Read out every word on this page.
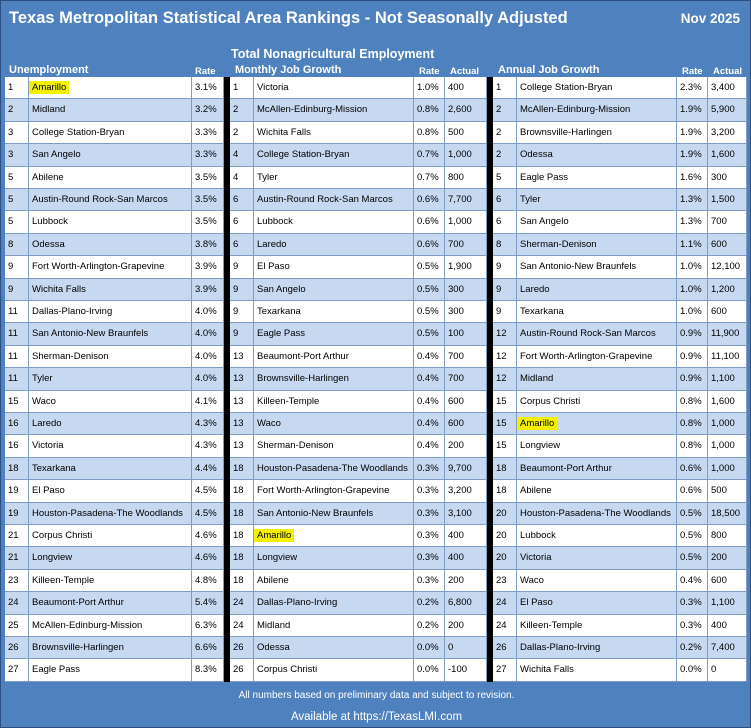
Texas Metropolitan Statistical Area Rankings - Not Seasonally Adjusted	Nov 2025
Total Nonagricultural Employment
Unemployment	Rate Monthly Job Growth	Rate Actual Annual Job Growth	Rate Actual
1	Amarillo	3.1%	1	Victoria	1.0% 400	1	College Station-Bryan	2.3% 3,400
2	Midland	3.2%	2	McAllen-Edinburg-Mission	0.8% 2,600	2	McAllen-Edinburg-Mission	1.9% 5,900
3	College Station-Bryan	3.3%	2	Wichita Falls	0.8% 500	2	Brownsville-Harlingen	1.9% 3,200
3	San Angelo	3.3%	4	College Station-Bryan	0.7% 1,000	2	Odessa	1.9% 1,600
5	Abilene	3.5%	4	Tyler	0.7% 800	5	Eagle Pass	1.6% 300
5	Austin-Round Rock-San Marcos	3.5%	6	Austin-Round Rock-San Marcos	0.6% 7,700	6	Tyler	1.3% 1,500
5	Lubbock	3.5%	6	Lubbock	0.6% 1,000	6	San Angelo	1.3% 700
8	Odessa	3.8%	6	Laredo	0.6% 700	8	Sherman-Denison	1.1% 600
9	Fort Worth-Arlington-Grapevine	3.9%	9	El Paso	0.5% 1,900	9	San Antonio-New Braunfels	1.0% 12,100
9	Wichita Falls	3.9%	9	San Angelo	0.5% 300	9	Laredo	1.0% 1,200
11	Dallas-Plano-Irving	4.0%	9	Texarkana	0.5% 300	9	Texarkana	1.0% 600
11	San Antonio-New Braunfels	4.0%	9	Eagle Pass	0.5% 100	12	Austin-Round Rock-San Marcos	0.9% 11,900
11	Sherman-Denison	4.0%	13	Beaumont-Port Arthur	0.4% 700	12	Fort Worth-Arlington-Grapevine	0.9% 11,100
11	Tyler	4.0%	13	Brownsville-Harlingen	0.4% 700	12	Midland	0.9% 1,100
15	Waco	4.1%	13	Killeen-Temple	0.4% 600	15	Corpus Christi	0.8% 1,600
16	Laredo	4.3%	13	Waco	0.4% 600	15	Amarillo	0.8% 1,000
16	Victoria	4.3%	13	Sherman-Denison	0.4% 200	15	Longview	0.8% 1,000
18	Texarkana	4.4%	18	Houston-Pasadena-The Woodlands 0.3% 9,700	18	Beaumont-Port Arthur	0.6% 1,000
19	El Paso	4.5%	18	Fort Worth-Arlington-Grapevine	0.3% 3,200	18	Abilene	0.6% 500
19	Houston-Pasadena-The Woodlands	4.5%	18	San Antonio-New Braunfels	0.3% 3,100	20	Houston-Pasadena-The Woodlands 0.5% 18,500
21	Corpus Christi	4.6%	18	Amarillo	0.3% 400	20	Lubbock	0.5% 800
21	Longview	4.6%	18	Longview	0.3% 400	20	Victoria	0.5% 200
23	Killeen-Temple	4.8%	18	Abilene	0.3% 200	23	Waco	0.4% 600
24	Beaumont-Port Arthur	5.4%	24	Dallas-Plano-Irving	0.2% 6,800	24	El Paso	0.3% 1,100
25	McAllen-Edinburg-Mission	6.3%	24	Midland	0.2% 200	24	Killeen-Temple	0.3% 400
26	Brownsville-Harlingen	6.6%	26	Odessa	0.0% 0	26	Dallas-Plano-Irving	0.2% 7,400
27	Eagle Pass	8.3%	26	Corpus Christi	0.0% -100	27	Wichita Falls	0.0% 0
All numbers based on preliminary data and subject to revision.
Available at https://TexasLMI.com
